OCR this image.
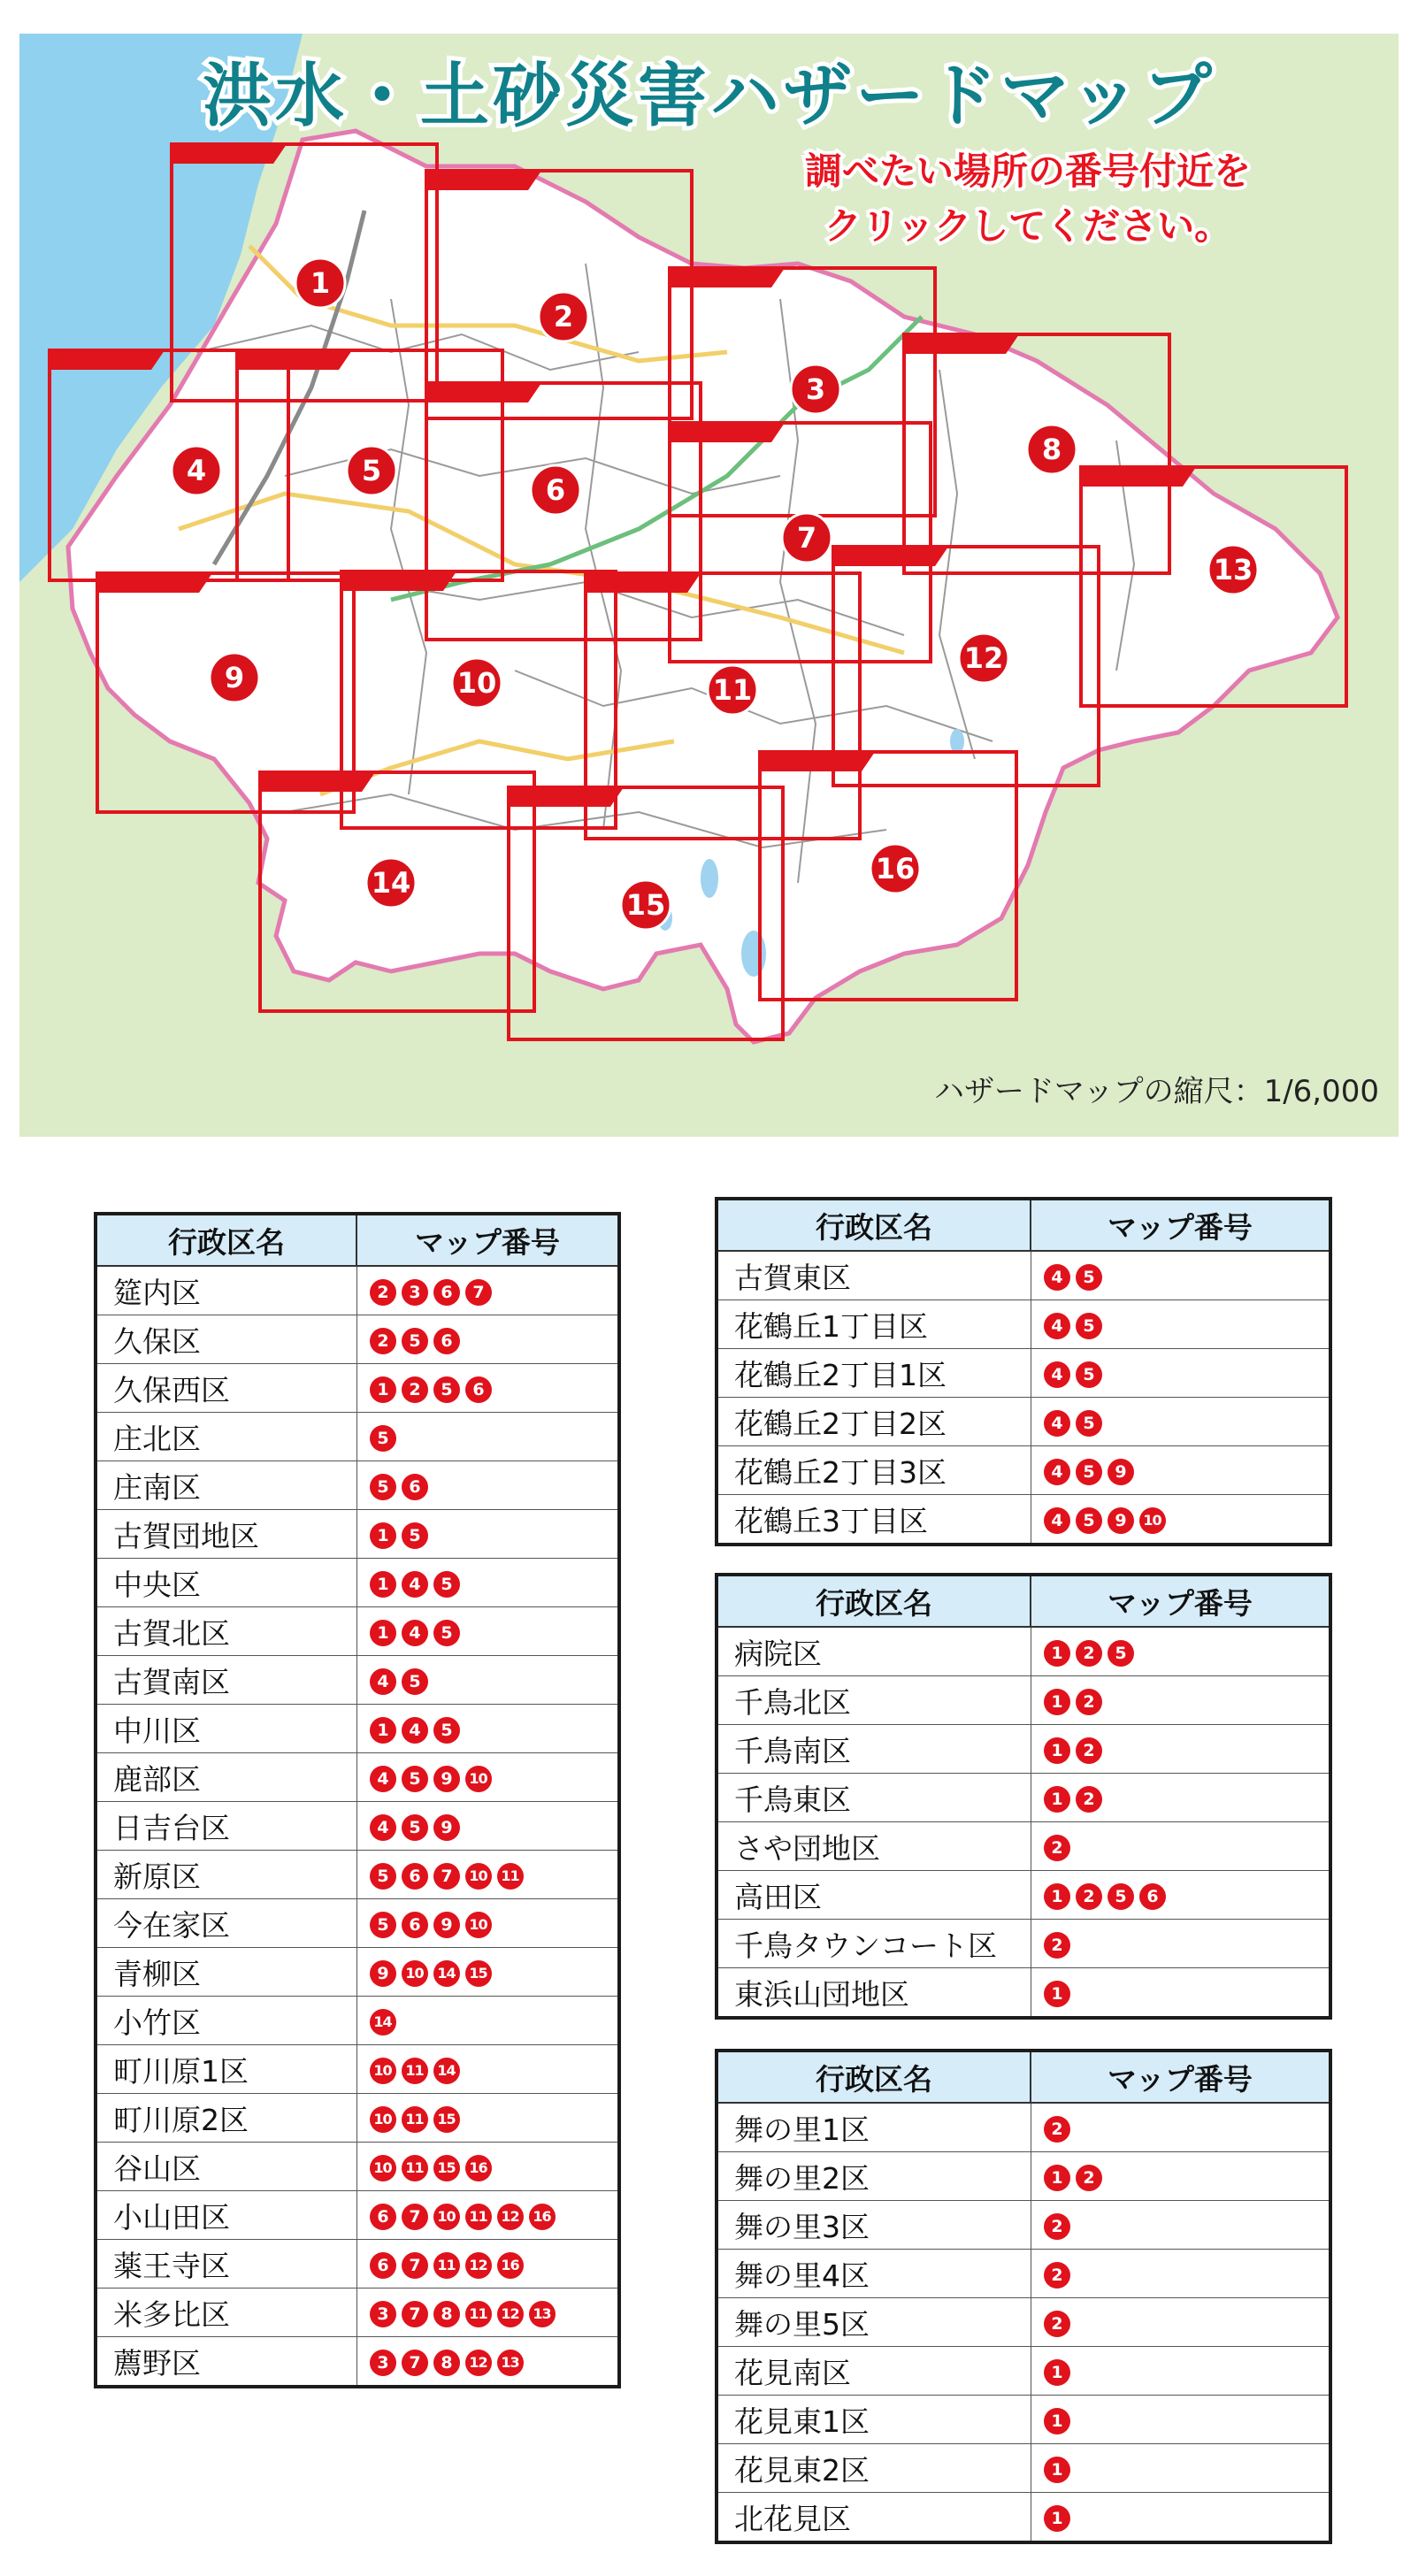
1
2
3
4	5
6
7
8
9	10	11
12
13
14
15
16
洪水・土砂災害ハザードマップ
調べたい場所の番号付近を
クリックしてください。
ハザードマップの縮尺：1/6,000
行政区名	マップ番号
筵内区	2 3 6 7
久保区	2 5 6
久保西区	1 2 5 6
庄北区	5
庄南区	5 6
古賀団地区	1 5
中央区	1 4 5
古賀北区	1 4 5
古賀南区	4 5
中川区	1 4 5
鹿部区	4 5 9 10
日吉台区	4 5 9
新原区	5 6 7 10 11
今在家区	5 6 9 10
青柳区	9 10 14 15
小竹区	14
町川原1区	10 11 14
町川原2区	10 11 15
谷山区	10 11 15 16
小山田区	6 7 10 11 12 16
薬王寺区	6 7 11 12 16
米多比区	3 7 8 11 12 13
薦野区	3 7 8 12 13
行政区名	マップ番号
古賀東区	4 5
花鶴丘1丁目区	4 5
花鶴丘2丁目1区	4 5
花鶴丘2丁目2区	4 5
花鶴丘2丁目3区	4 5 9
花鶴丘3丁目区	4 5 9 10
行政区名	マップ番号
病院区	1 2 5
千鳥北区	1 2
千鳥南区	1 2
千鳥東区	1 2
さや団地区	2
高田区	1 2 5 6
千鳥タウンコート区	2
東浜山団地区	1
行政区名	マップ番号
舞の里1区	2
舞の里2区	1 2
舞の里3区	2
舞の里4区	2
舞の里5区	2
花見南区	1
花見東1区	1
花見東2区	1
北花見区	1
